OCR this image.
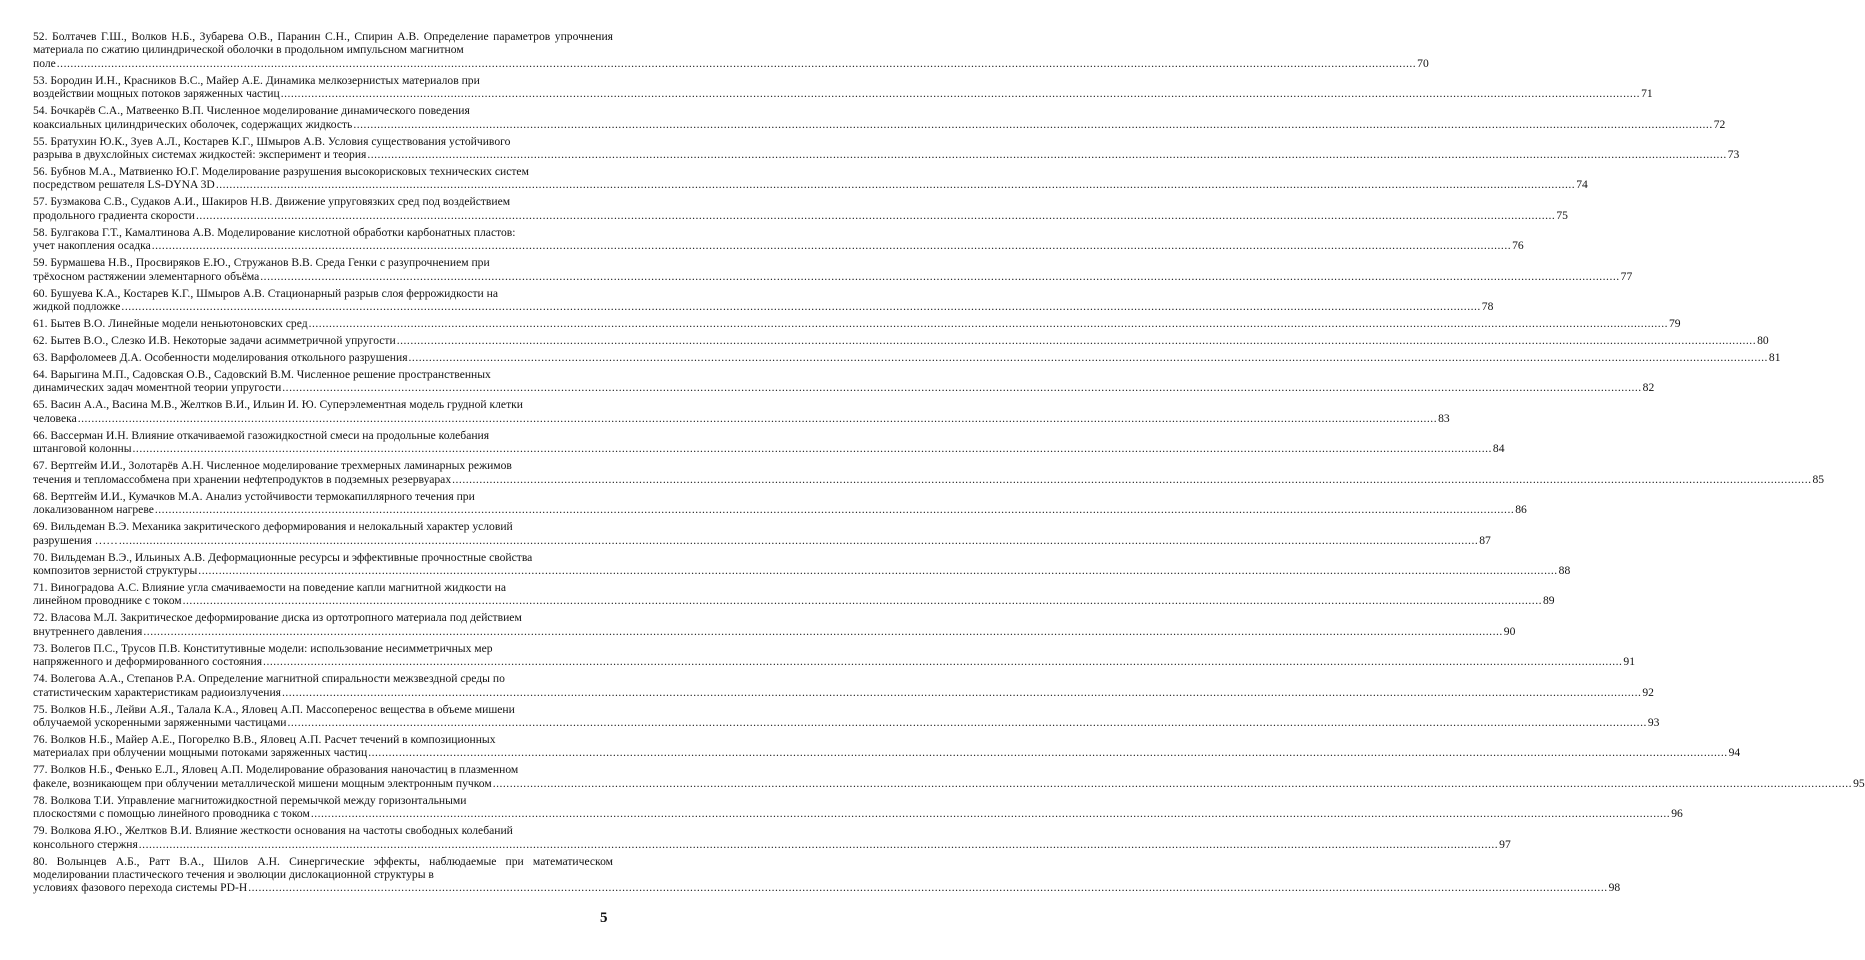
52. Болтачев Г.Ш., Волков Н.Б., Зубарева О.В., Паранин С.Н., Спирин А.В. Определение параметров упрочнения материала по сжатию цилиндрической оболочки в продольном импульсном магнитном
поле ................................................................................................................................................................................................................................................................................................................................................................................................................ 70
53. Бородин И.Н., Красников В.С., Майер А.Е. Динамика мелкозернистых материалов при
воздействии мощных потоков заряженных частиц ................................................................................................................................................................................................................................................................................................................................................................................................................ 71
54. Бочкарёв С.А., Матвеенко В.П. Численное моделирование динамического поведения
коаксиальных цилиндрических оболочек, содержащих жидкость ................................................................................................................................................................................................................................................................................................................................................................................................................ 72
55. Братухин Ю.К., Зуев А.Л., Костарев К.Г., Шмыров А.В. Условия существования устойчивого
разрыва в двухслойных системах жидкостей: эксперимент и теория ................................................................................................................................................................................................................................................................................................................................................................................................................ 73
56. Бубнов М.А., Матвиенко Ю.Г. Моделирование разрушения высокорисковых технических систем
посредством решателя LS-DYNA 3D ................................................................................................................................................................................................................................................................................................................................................................................................................ 74
57. Бузмакова С.В., Судаков А.И., Шакиров Н.В. Движение упруговязких сред под воздействием
продольного градиента скорости ................................................................................................................................................................................................................................................................................................................................................................................................................ 75
58. Булгакова Г.Т., Камалтинова А.В. Моделирование кислотной обработки карбонатных пластов:
учет накопления осадка ................................................................................................................................................................................................................................................................................................................................................................................................................ 76
59. Бурмашева Н.В., Просвиряков Е.Ю., Стружанов В.В. Среда Генки с разупрочнением при
трёхосном растяжении элементарного объёма ................................................................................................................................................................................................................................................................................................................................................................................................................ 77
60. Бушуева К.А., Костарев К.Г., Шмыров А.В. Стационарный разрыв слоя феррожидкости на
жидкой подложке ................................................................................................................................................................................................................................................................................................................................................................................................................ 78
61. Бытев В.О. Линейные модели неньютоновских сред ................................................................................................................................................................................................................................................................................................................................................................................................................ 79
62. Бытев В.О., Слезко И.В. Некоторые задачи асимметричной упругости ................................................................................................................................................................................................................................................................................................................................................................................................................ 80
63. Варфоломеев Д.А. Особенности моделирования откольного разрушения ................................................................................................................................................................................................................................................................................................................................................................................................................ 81
64. Варыгина М.П., Садовская О.В., Садовский В.М. Численное решение пространственных
динамических задач моментной теории упругости ................................................................................................................................................................................................................................................................................................................................................................................................................ 82
65. Васин А.А., Васина М.В., Желтков В.И., Ильин И. Ю. Суперэлементная модель грудной клетки
человека ................................................................................................................................................................................................................................................................................................................................................................................................................ 83
66. Вассерман И.Н. Влияние откачиваемой газожидкостной смеси на продольные колебания
штанговой колонны ................................................................................................................................................................................................................................................................................................................................................................................................................ 84
67. Вертгейм И.И., Золотарёв А.Н. Численное моделирование трехмерных ламинарных режимов
течения и тепломассобмена при хранении нефтепродуктов в подземных резервуарах ................................................................................................................................................................................................................................................................................................................................................................................................................ 85
68. Вертгейм И.И., Кумачков М.А. Анализ устойчивости термокапиллярного течения при
локализованном нагреве ................................................................................................................................................................................................................................................................................................................................................................................................................ 86
69. Вильдеман В.Э. Механика закритического деформирования и нелокальный характер условий
разрушения …… ................................................................................................................................................................................................................................................................................................................................................................................................................ 87
70. Вильдеман В.Э., Ильиных А.В. Деформационные ресурсы и эффективные прочностные свойства
композитов зернистой структуры ................................................................................................................................................................................................................................................................................................................................................................................................................ 88
71. Виноградова А.С. Влияние угла смачиваемости на поведение капли магнитной жидкости на
линейном проводнике с током ................................................................................................................................................................................................................................................................................................................................................................................................................ 89
72. Власова М.Л. Закритическое деформирование диска из ортотропного материала под действием
внутреннего давления ................................................................................................................................................................................................................................................................................................................................................................................................................ 90
73. Волегов П.С., Трусов П.В. Конститутивные модели: использование несимметричных мер
напряженного и деформированного состояния ................................................................................................................................................................................................................................................................................................................................................................................................................ 91
74. Волегова А.А., Степанов Р.А. Определение магнитной спиральности межзвездной среды по
статистическим характеристикам радиоизлучения ................................................................................................................................................................................................................................................................................................................................................................................................................ 92
75. Волков Н.Б., Лейви А.Я., Талала К.А., Яловец А.П. Массоперенос вещества в объеме мишени
облучаемой ускоренными заряженными частицами ................................................................................................................................................................................................................................................................................................................................................................................................................ 93
76. Волков Н.Б., Майер А.Е., Погорелко В.В., Яловец А.П. Расчет течений в композиционных
материалах при облучении мощными потоками заряженных частиц ................................................................................................................................................................................................................................................................................................................................................................................................................ 94
77. Волков Н.Б., Фенько Е.Л., Яловец А.П. Моделирование образования наночастиц в плазменном
факеле, возникающем при облучении металлической мишени мощным электронным пучком ................................................................................................................................................................................................................................................................................................................................................................................................................ 95
78. Волкова Т.И. Управление магнитожидкостной перемычкой между горизонтальными
плоскостями с помощью линейного проводника с током ................................................................................................................................................................................................................................................................................................................................................................................................................ 96
79. Волкова Я.Ю., Желтков В.И. Влияние жесткости основания на частоты свободных колебаний
консольного стержня ................................................................................................................................................................................................................................................................................................................................................................................................................ 97
80. Волынцев А.Б., Ратт В.А., Шилов А.Н. Синергические эффекты, наблюдаемые при математическом моделировании пластического течения и эволюции дислокационной структуры в
условиях фазового перехода системы PD-H ................................................................................................................................................................................................................................................................................................................................................................................................................ 98
5
